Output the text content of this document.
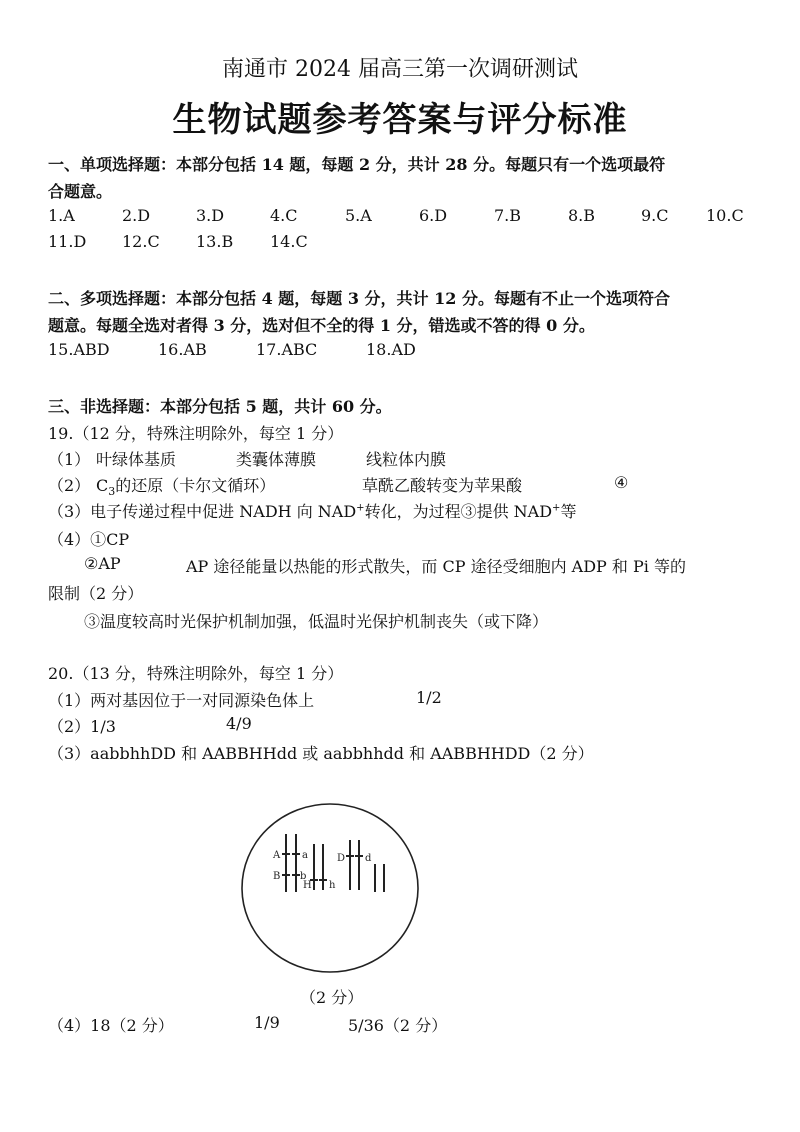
南通市 2024 届高三第一次调研测试
生物试题参考答案与评分标准
一、单项选择题：本部分包括 14 题，每题 2 分，共计 28 分。每题只有一个选项最符
合题意。
1.A	2.D	3.D	4.C	5.A	6.D	7.B	8.B	9.C 10.C
11.D 12.C 13.B 14.C
二、多项选择题：本部分包括 4 题，每题 3 分，共计 12 分。每题有不止一个选项符合
题意。每题全选对者得 3 分，选对但不全的得 1 分，错选或不答的得 0 分。
15.ABD	16.AB	17.ABC	18.AD
三、非选择题：本部分包括 5 题，共计 60 分。
19.（12 分，特殊注明除外，每空 1 分）
（1） 叶绿体基质	类囊体薄膜	线粒体内膜
（2） $C_3$的还原（卡尔文循环）	草酰乙酸转变为苹果酸	④
（3）电子传递过程中促进 NADH 向 NAD+转化，为过程③提供 NAD+等
（4）①CP
②AP	AP 途径能量以热能的形式散失，而 CP 途径受细胞内 ADP 和 Pi 等的
限制（2 分）
③温度较高时光保护机制加强，低温时光保护机制丧失（或下降）
20.（13 分，特殊注明除外，每空 1 分）
（1）两对基因位于一对同源染色体上	1/2
（2）1/3	4/9
（3）aabbhhDD 和 AABBHHdd 或 aabbhhdd 和 AABBHHDD（2 分）
A a
B b
H h
D d
（2 分）
（4）18（2 分）	1/9	5/36（2 分）
